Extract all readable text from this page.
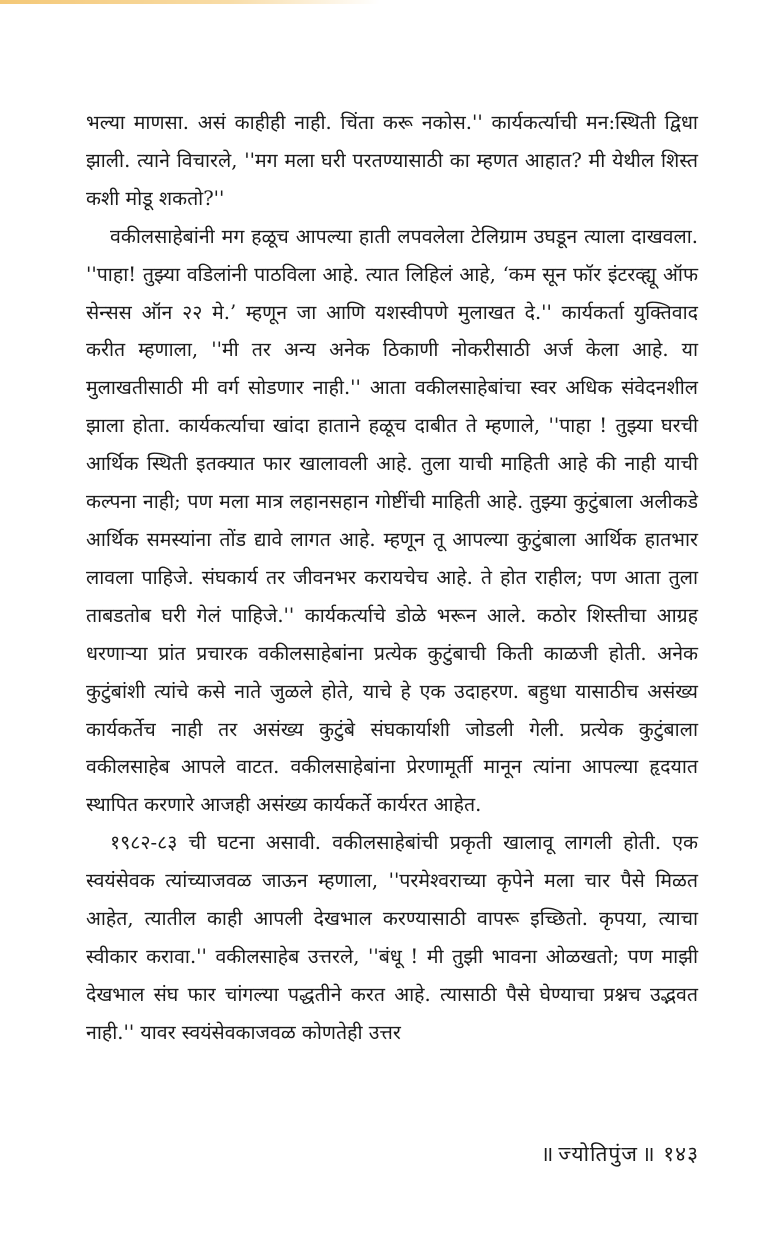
भल्या माणसा. असं काहीही नाही. चिंता करू नकोस.'' कार्यकर्त्याची मन:स्थिती द्विधा झाली. त्याने विचारले, ''मग मला घरी परतण्यासाठी का म्हणत आहात? मी येथील शिस्त कशी मोडू शकतो?''

वकीलसाहेबांनी मग हळूच आपल्या हाती लपवलेला टेलिग्राम उघडून त्याला दाखवला. ''पाहा! तुझ्या वडिलांनी पाठविला आहे. त्यात लिहिलं आहे, ‘कम सून फॉर इंटरव्ह्यू ऑफ सेन्सस ऑन २२ मे.’ म्हणून जा आणि यशस्वीपणे मुलाखत दे.'' कार्यकर्ता युक्तिवाद करीत म्हणाला, ''मी तर अन्य अनेक ठिकाणी नोकरीसाठी अर्ज केला आहे. या मुलाखतीसाठी मी वर्ग सोडणार नाही.'' आता वकीलसाहेबांचा स्वर अधिक संवेदनशील झाला होता. कार्यकर्त्याचा खांदा हाताने हळूच दाबीत ते म्हणाले, ''पाहा ! तुझ्या घरची आर्थिक स्थिती इतक्यात फार खालावली आहे. तुला याची माहिती आहे की नाही याची कल्पना नाही; पण मला मात्र लहानसहान गोष्टींची माहिती आहे. तुझ्या कुटुंबाला अलीकडे आर्थिक समस्यांना तोंड द्यावे लागत आहे. म्हणून तू आपल्या कुटुंबाला आर्थिक हातभार लावला पाहिजे. संघकार्य तर जीवनभर करायचेच आहे. ते होत राहील; पण आता तुला ताबडतोब घरी गेलं पाहिजे.'' कार्यकर्त्याचे डोळे भरून आले. कठोर शिस्तीचा आग्रह धरणाऱ्या प्रांत प्रचारक वकीलसाहेबांना प्रत्येक कुटुंबाची किती काळजी होती. अनेक कुटुंबांशी त्यांचे कसे नाते जुळले होते, याचे हे एक उदाहरण. बहुधा यासाठीच असंख्य कार्यकर्तेच नाही तर असंख्य कुटुंबे संघकार्याशी जोडली गेली. प्रत्येक कुटुंबाला वकीलसाहेब आपले वाटत. वकीलसाहेबांना प्रेरणामूर्ती मानून त्यांना आपल्या हृदयात स्थापित करणारे आजही असंख्य कार्यकर्ते कार्यरत आहेत.

१९८२-८३ ची घटना असावी. वकीलसाहेबांची प्रकृती खालावू लागली होती. एक स्वयंसेवक त्यांच्याजवळ जाऊन म्हणाला, ''परमेश्वराच्या कृपेने मला चार पैसे मिळत आहेत, त्यातील काही आपली देखभाल करण्यासाठी वापरू इच्छितो. कृपया, त्याचा स्वीकार करावा.'' वकीलसाहेब उत्तरले, ''बंधू ! मी तुझी भावना ओळखतो; पण माझी देखभाल संघ फार चांगल्या पद्धतीने करत आहे. त्यासाठी पैसे घेण्याचा प्रश्नच उद्भवत नाही.'' यावर स्वयंसेवकाजवळ कोणतेही उत्तर

॥ ज्योतिपुंज ॥ १४३
